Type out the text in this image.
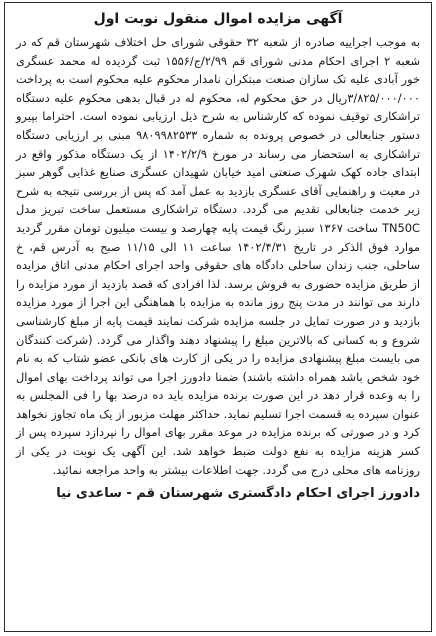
آگهی مزایده اموال منقول نوبت اول

به موجب اجراییه صادره از شعبه ۳۲ حقوقی شورای حل اختلاف شهرستان قم که در شعبه ۲ اجرای احکام مدنی شورای قم ۲/۹۹/ج/۱۵۵۶ ثبت گردیده له محمد عسگری خور آبادی علیه تک سازان صنعت مبتکران نامدار محکوم علیه محکوم است به پرداخت ۳/۸۲۵/۰۰۰/۰۰۰ریال در حق محکوم له، محکوم له در قبال بدهی محکوم علیه دستگاه تراشکاری توقیف نموده که کارشناس به شرح ذیل ارزیابی نموده است. احتراما بپیرو دستور جنابعالی در خصوص پرونده به شماره ۹۸۰۹۹۸۲۵۳۳ مبنی بر ارزیابی دستگاه تراشکاری به استحضار می رساند در مورخ ۱۴۰۲/۲/۹ از یک دستگاه مذکور واقع در ابتدای جاده کهک شهرک صنعتی امید خیابان شهیدان عسگری صنایع غذایی گوهر سبز در معیت و راهنمایی آقای عسگری بازدید به عمل آمد که پس از بررسی نتیجه به شرح زیر خدمت جنابعالی تقدیم می گردد. دستگاه تراشکاری مستعمل ساخت تبریز مدل TN50C ساخت ۱۳۶۷ سبز رنگ قیمت پایه چهارصد و بیست میلیون تومان مقرر گردید موارد فوق الذکر در تاریخ ۱۴۰۲/۴/۳۱ ساعت ۱۱ الی ۱۱/۱۵ صبح به آدرس قم، خ ساحلی، جنب زندان ساحلی دادگاه های حقوقی واحد اجرای احکام مدنی اتاق مزایده از طریق مزایده حضوری به فروش برسد. لذا افرادی که قصد بازدید از مورد مزایده را دارند می توانند در مدت پنج روز مانده به مزایده با هماهنگی این اجرا از مورد مزایده بازدید و در صورت تمایل در جلسه مزایده شرکت نمایند قیمت پایه از مبلغ کارشناسی شروع و به کسانی که بالاترین مبلغ را پیشنهاد دهند واگذار می گردد. (شرکت کنندگان می بایست مبلغ پیشنهادی مزایده را در یکی از کارت های بانکی عضو شتاب که به نام خود شخص باشد همراه داشته باشند) ضمنا دادورز اجرا می تواند پرداخت بهای اموال را به وعده قرار دهد در این صورت برنده مزایده باید ده درصد بها را فی المجلس به عنوان سپرده به قسمت اجرا تسلیم نماید. حداکثر مهلت مزبور از یک ماه تجاوز نخواهد کرد و در صورتی که برنده مزایده در موعد مقرر بهای اموال را نپردازد سپرده پس از کسر هزینه مزایده به نفع دولت ضبط خواهد شد. این آگهی یک نوبت در یکی از روزنامه های محلی درج می گردد. جهت اطلاعات بیشتر به واحد مراجعه نمائید.

دادورز اجرای احکام دادگستری شهرستان قم - ساعدی نیا
